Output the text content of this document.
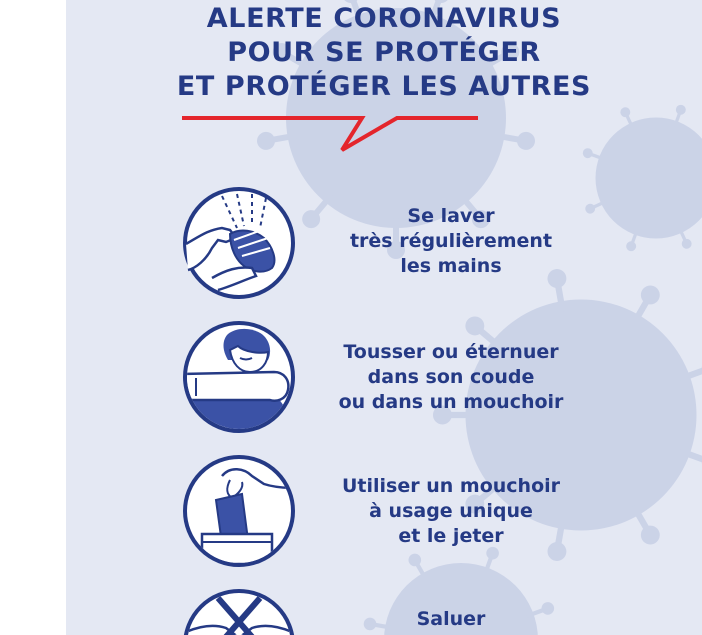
ALERTE CORONAVIRUS
POUR SE PROTÉGER
ET PROTÉGER LES AUTRES
Se laver
très régulièrement
les mains
Tousser ou éternuer
dans son coude
ou dans un mouchoir
Utiliser un mouchoir
à usage unique
et le jeter
Saluer
